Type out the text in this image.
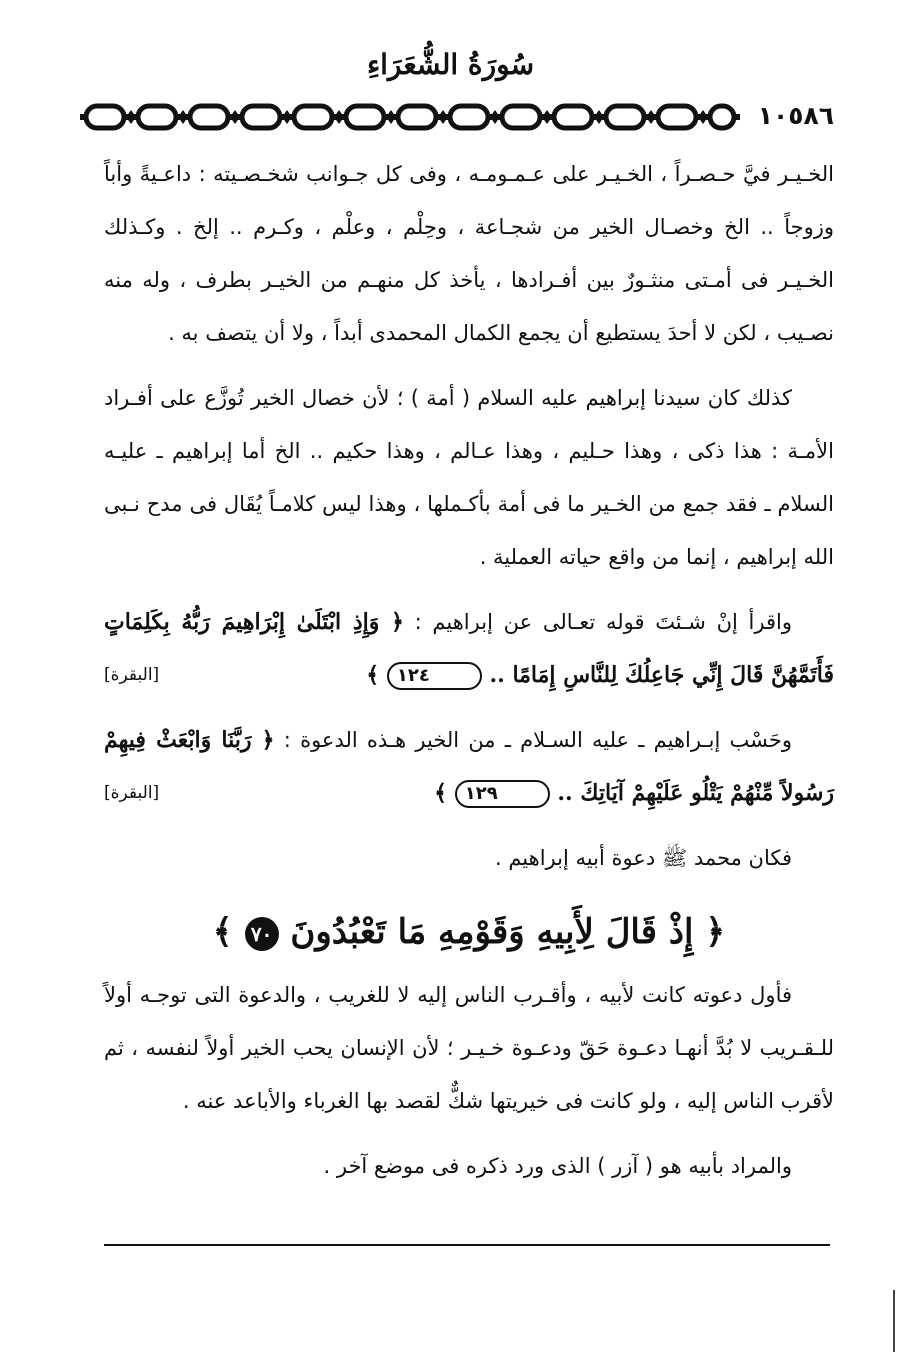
سُورَةُ الشُّعَرَاءِ
١٠٥٨٦

الخـيـر فيَّ حـصـراً ، الخـيـر على عـمـومـه ، وفى كل جـوانب شخـصـيته : داعـيةً وأباً وزوجاً .. الخ وخصـال الخير من شجـاعة ، وحِلْم ، وعلْم ، وكـرم .. إلخ . وكـذلك الخـيـر فى أمـتى منثـورٌ بين أفـرادها ، يأخذ كل منهـم من الخيـر بطرف ، وله منه نصـيب ، لكن لا أحدَ يستطيع أن يجمع الكمال المحمدى أبداً ، ولا أن يتصف به .

كذلك كان سيدنا إبراهيم عليه السلام ( أمة ) ؛ لأن خصال الخير تُوزَّع على أفـراد الأمـة : هذا ذكى ، وهذا حـليم ، وهذا عـالم ، وهذا حكيم .. الخ أما إبراهيم ـ عليـه السلام ـ فقد جمع من الخـير ما فى أمة بأكـملها ، وهذا ليس كلامـاً يُقَال فى مدح نـبى الله إبراهيم ، إنما من واقع حياته العملية .

واقرأ إنْ شـئتَ قوله تعـالى عن إبراهيم : ﴿ وَإِذِ ابْتَلَىٰ إِبْرَاهِيمَ رَبُّهُ بِكَلِمَاتٍ فَأَتَمَّهُنَّ قَالَ إِنِّي جَاعِلُكَ لِلنَّاسِ إِمَامًا .. ١٢٤ ﴾
[البقرة]

وحَسْب إبـراهيم ـ عليه السـلام ـ من الخير هـذه الدعوة : ﴿ رَبَّنَا وَابْعَثْ فِيهِمْ رَسُولاً مِّنْهُمْ يَتْلُو عَلَيْهِمْ آيَاتِكَ .. ١٢٩ ﴾
[البقرة]

فكان محمد ﷺ دعوة أبيه إبراهيم .

﴿ إِذْ قَالَ لِأَبِيهِ وَقَوْمِهِ مَا تَعْبُدُونَ ٧٠ ﴾

فأول دعوته كانت لأبيه ، وأقـرب الناس إليه لا للغريب ، والدعوة التى توجـه أولاً للـقـريب لا بُدَّ أنهـا دعـوة حَقّ ودعـوة خـيـر ؛ لأن الإنسان يحب الخير أولاً لنفسه ، ثم لأقرب الناس إليه ، ولو كانت فى خيريتها شكٌّ لقصد بها الغرباء والأباعد عنه .

والمراد بأبيه هو ( آزر ) الذى ورد ذكره فى موضع آخر .
